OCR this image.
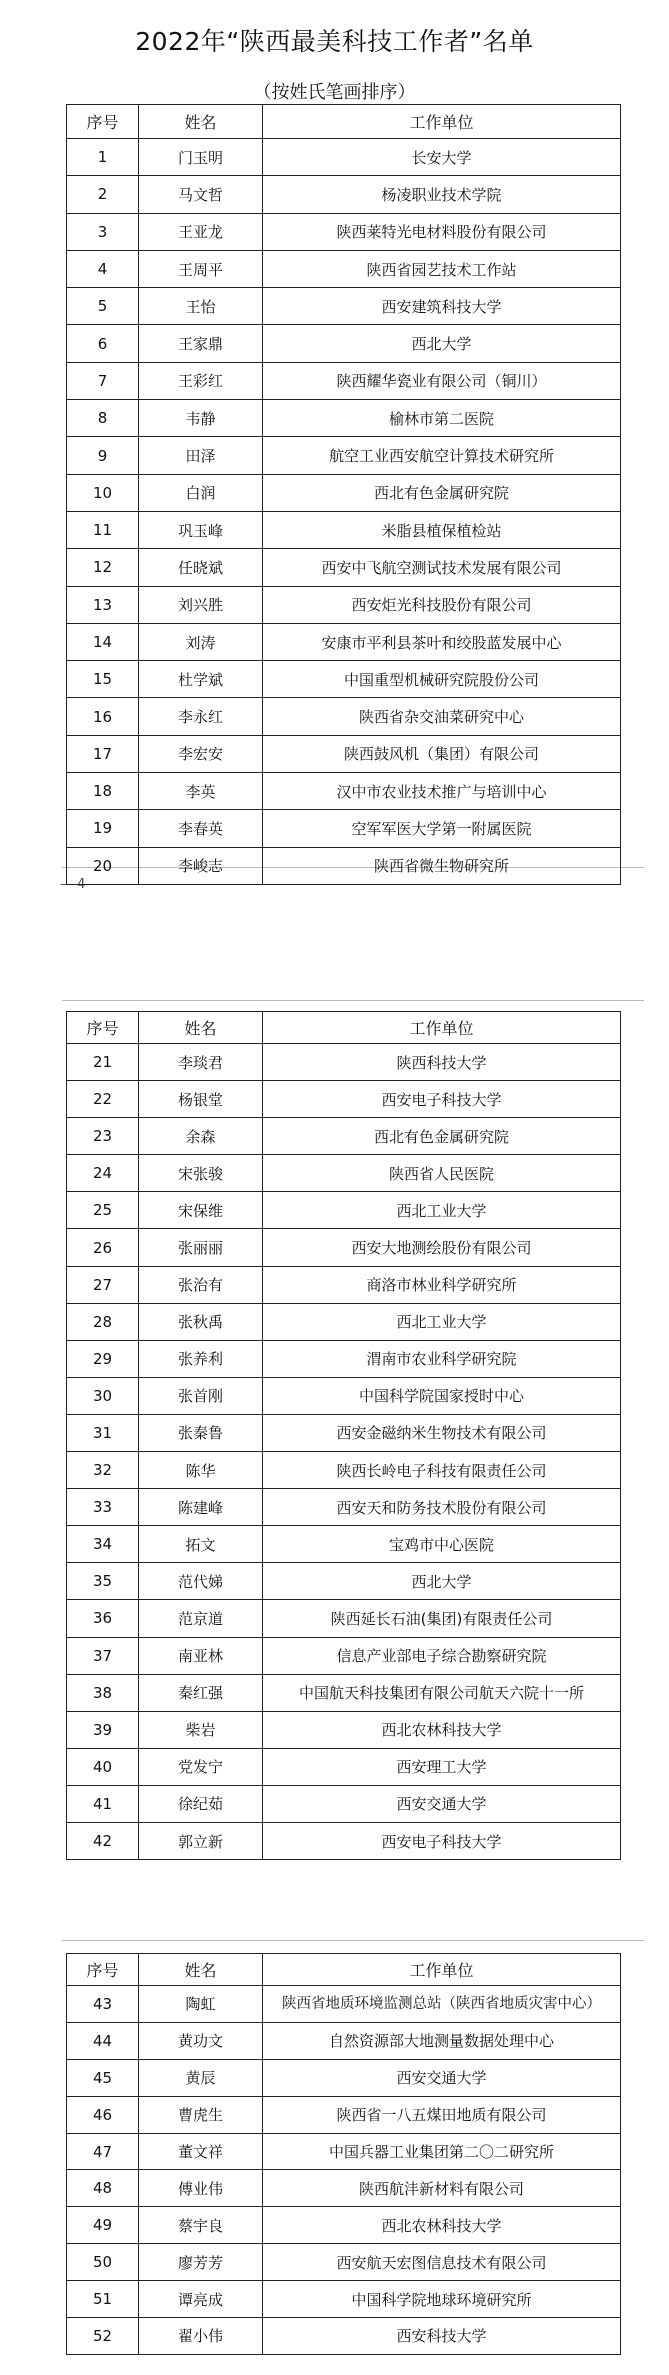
2022年“陕西最美科技工作者”名单
（按姓氏笔画排序）
— 4 —
序号	姓名	工作单位
1	门玉明	长安大学
2	马文哲	杨凌职业技术学院
3	王亚龙	陕西莱特光电材料股份有限公司
4	王周平	陕西省园艺技术工作站
5	王怡	西安建筑科技大学
6	王家鼎	西北大学
7	王彩红	陕西耀华瓷业有限公司（铜川）
8	韦静	榆林市第二医院
9	田泽	航空工业西安航空计算技术研究所
10	白润	西北有色金属研究院
11	巩玉峰	米脂县植保植检站
12	任晓斌	西安中飞航空测试技术发展有限公司
13	刘兴胜	西安炬光科技股份有限公司
14	刘涛	安康市平利县茶叶和绞股蓝发展中心
15	杜学斌	中国重型机械研究院股份公司
16	李永红	陕西省杂交油菜研究中心
17	李宏安	陕西鼓风机（集团）有限公司
18	李英	汉中市农业技术推广与培训中心
19	李春英	空军军医大学第一附属医院
20	李峻志	陕西省微生物研究所
序号	姓名	工作单位
21	李琰君	陕西科技大学
22	杨银堂	西安电子科技大学
23	余森	西北有色金属研究院
24	宋张骏	陕西省人民医院
25	宋保维	西北工业大学
26	张丽丽	西安大地测绘股份有限公司
27	张治有	商洛市林业科学研究所
28	张秋禹	西北工业大学
29	张养利	渭南市农业科学研究院
30	张首刚	中国科学院国家授时中心
31	张秦鲁	西安金磁纳米生物技术有限公司
32	陈华	陕西长岭电子科技有限责任公司
33	陈建峰	西安天和防务技术股份有限公司
34	拓文	宝鸡市中心医院
35	范代娣	西北大学
36	范京道	陕西延长石油(集团)有限责任公司
37	南亚林	信息产业部电子综合勘察研究院
38	秦红强	中国航天科技集团有限公司航天六院十一所
39	柴岩	西北农林科技大学
40	党发宁	西安理工大学
41	徐纪茹	西安交通大学
42	郭立新	西安电子科技大学
序号	姓名	工作单位
43	陶虹	陕西省地质环境监测总站（陕西省地质灾害中心）
44	黄功文	自然资源部大地测量数据处理中心
45	黄辰	西安交通大学
46	曹虎生	陕西省一八五煤田地质有限公司
47	董文祥	中国兵器工业集团第二〇二研究所
48	傅业伟	陕西航沣新材料有限公司
49	蔡宇良	西北农林科技大学
50	廖芳芳	西安航天宏图信息技术有限公司
51	谭亮成	中国科学院地球环境研究所
52	翟小伟	西安科技大学
